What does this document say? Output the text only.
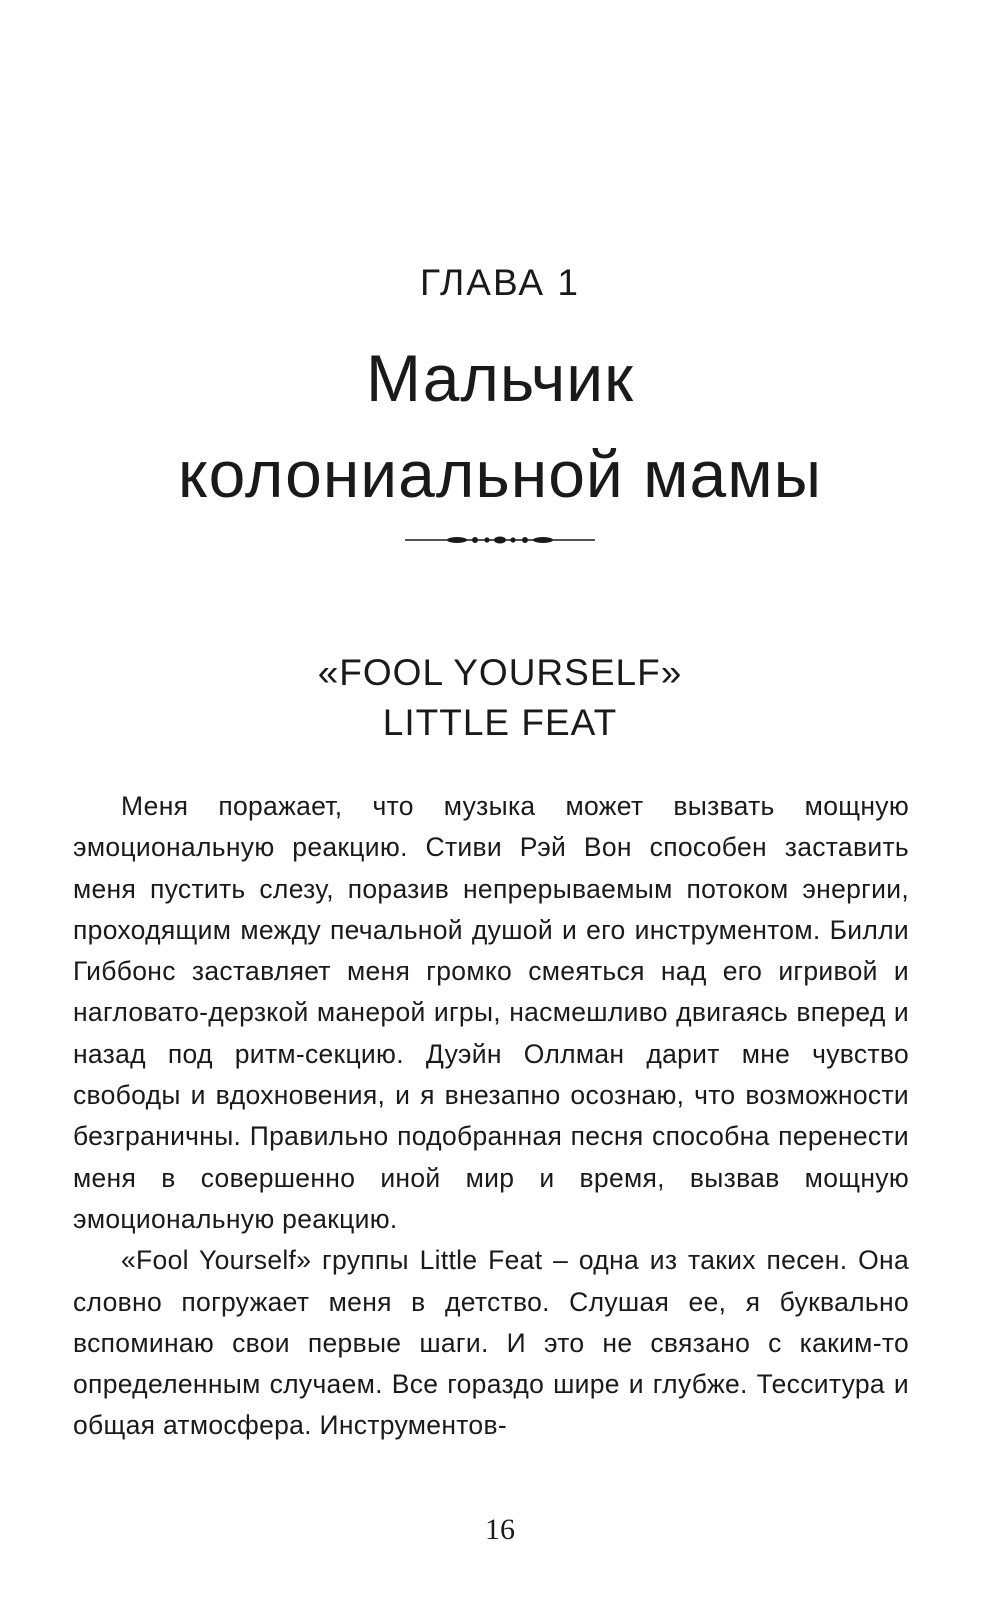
ГЛАВА 1
Мальчик
колониальной мамы
«FOOL YOURSELF»
LITTLE FEAT

Меня поражает, что музыка может вызвать мощную эмоциональную реакцию. Стиви Рэй Вон способен заставить меня пустить слезу, поразив непрерываемым потоком энергии, проходящим между печальной душой и его инструментом. Билли Гиббонс заставляет меня громко смеяться над его игривой и нагловато-дерзкой манерой игры, насмешливо двигаясь вперед и назад под ритм-секцию. Дуэйн Оллман дарит мне чувство свободы и вдохновения, и я внезапно осознаю, что возможности безграничны. Правильно подобранная песня способна перенести меня в совершенно иной мир и время, вызвав мощную эмоциональную реакцию.

«Fool Yourself» группы Little Feat – одна из таких песен. Она словно погружает меня в детство. Слушая ее, я буквально вспоминаю свои первые шаги. И это не связано с каким-то определенным случаем. Все гораздо шире и глубже. Тесситура и общая атмосфера. Инструментов-

16
